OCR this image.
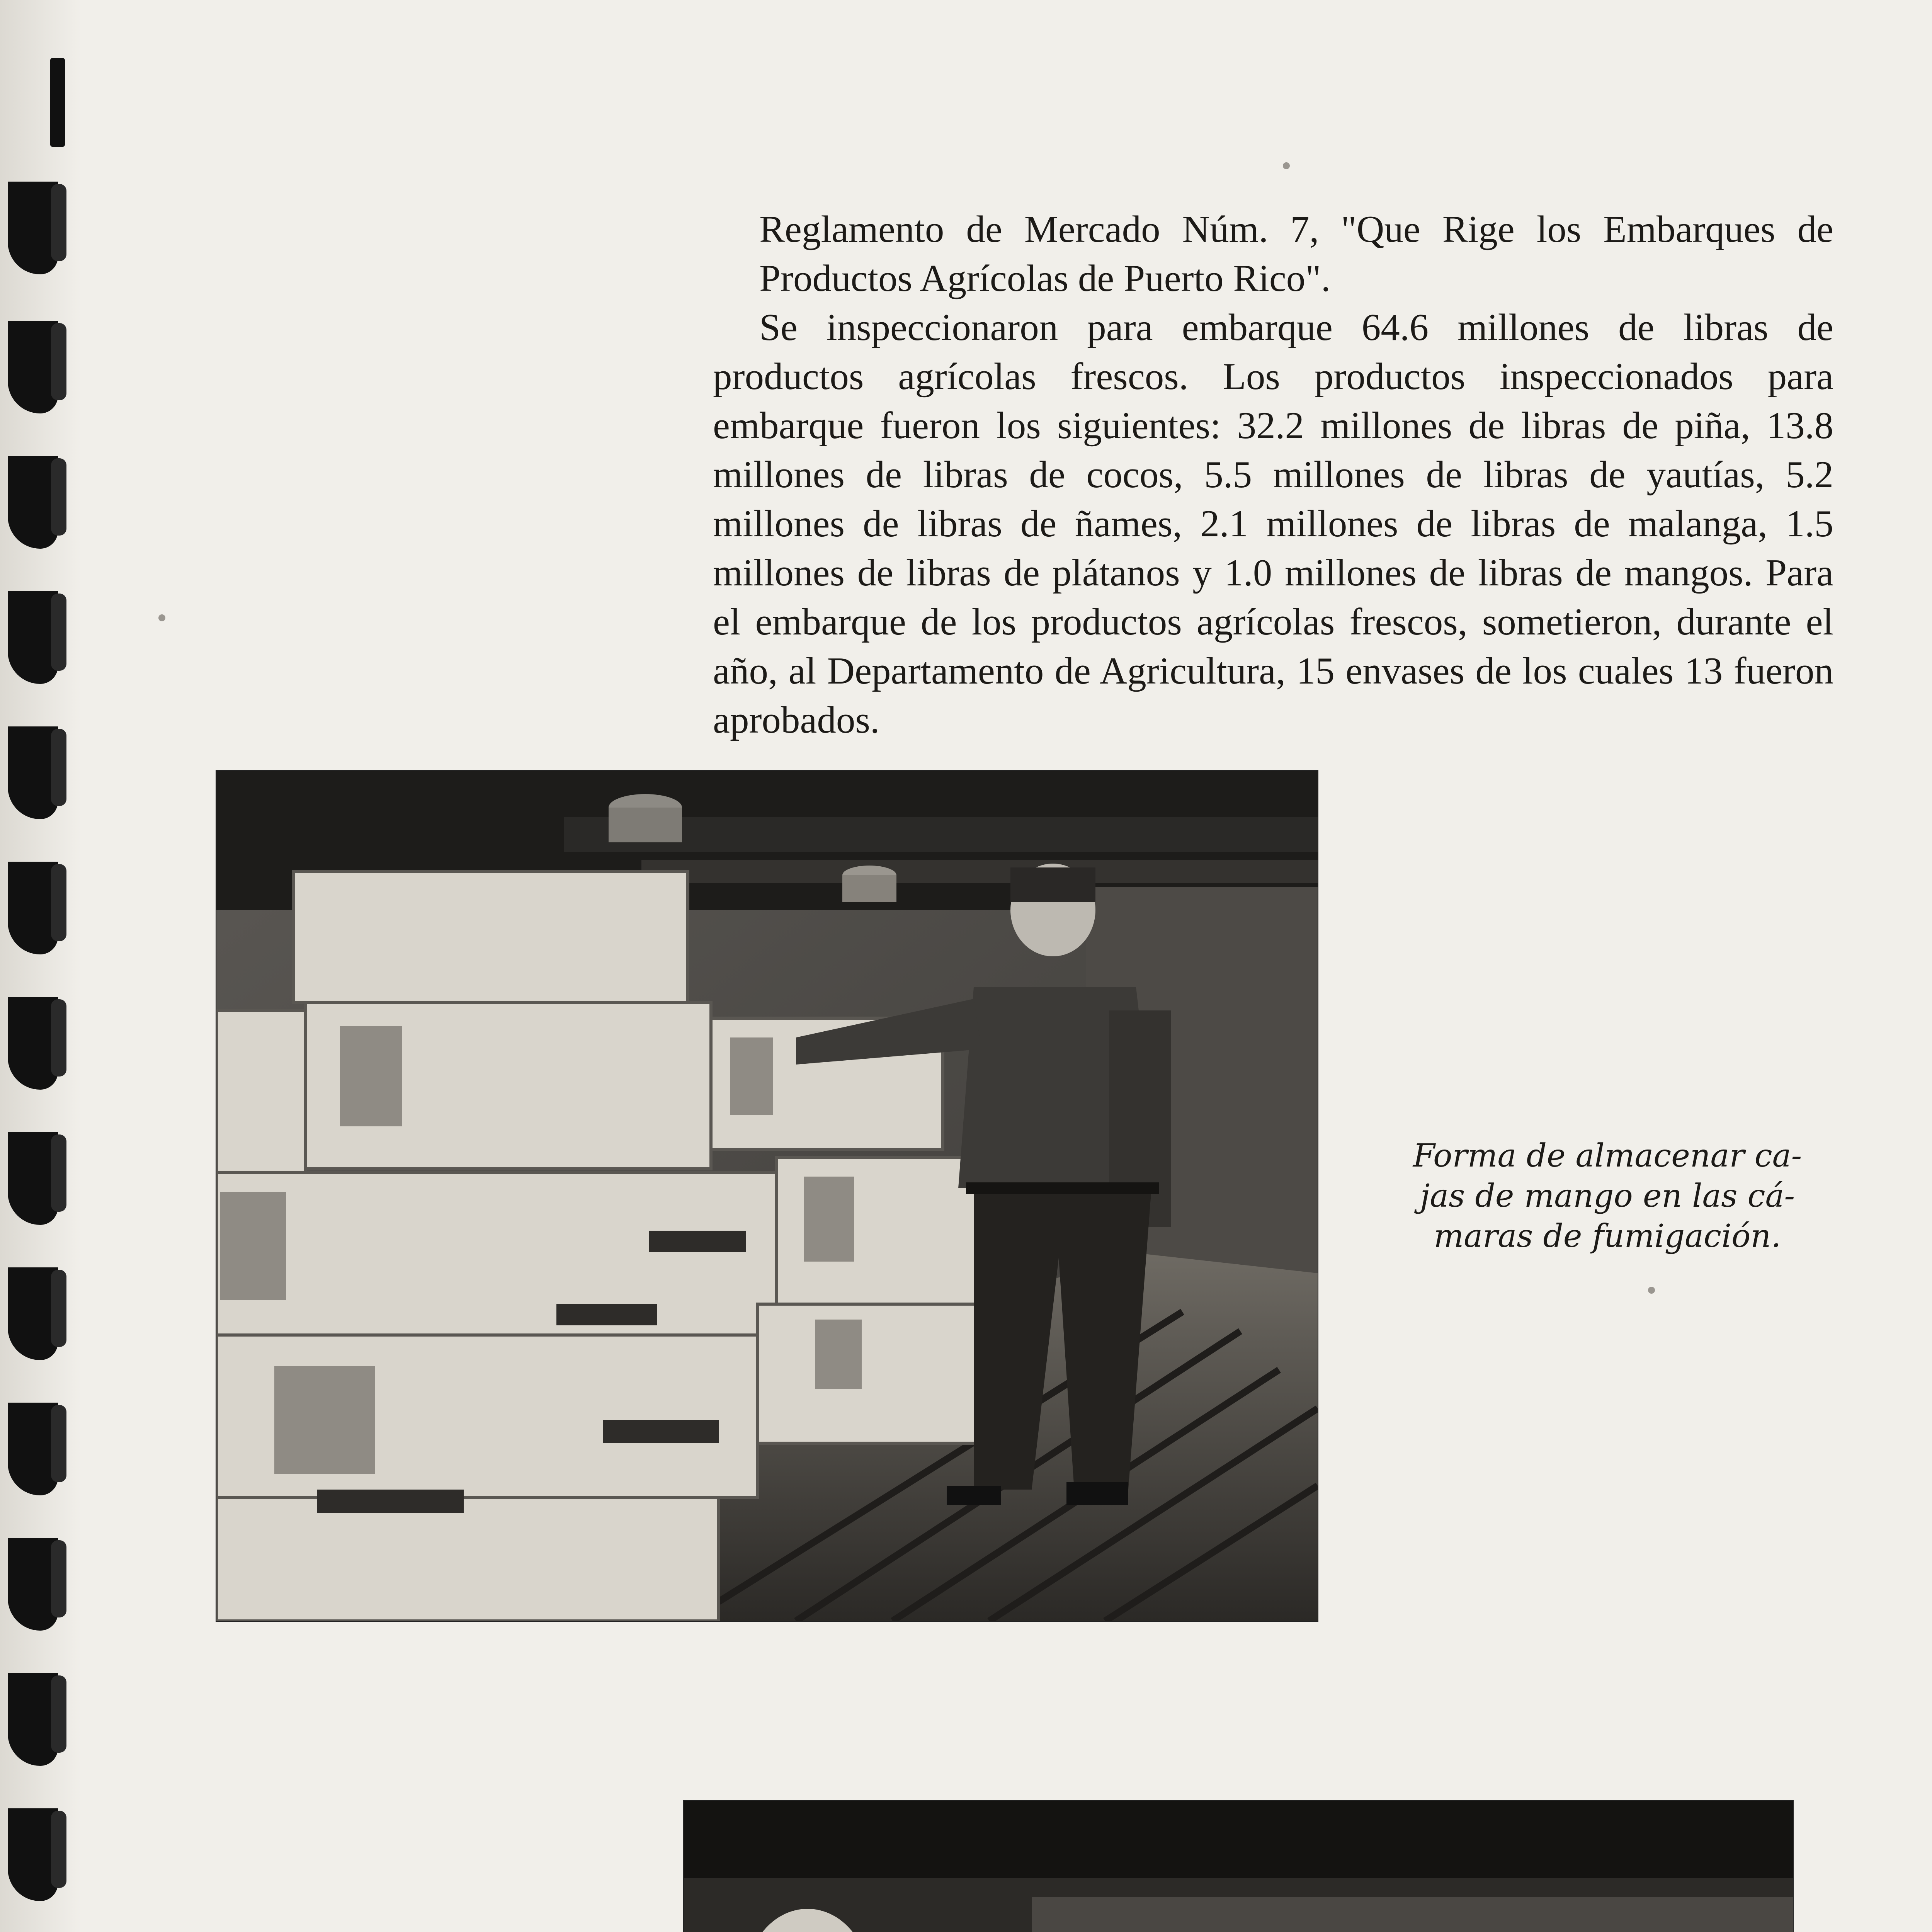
Reglamento de Mercado Núm. 7, "Que Rige los Embarques de Productos Agrícolas de Puerto Rico".

Se inspeccionaron para embarque 64.6 millones de libras de productos agrícolas frescos. Los productos inspeccionados para embarque fueron los siguientes: 32.2 millones de libras de piña, 13.8 millones de libras de cocos, 5.5 millones de libras de yautías, 5.2 millones de libras de ñames, 2.1 millones de libras de malanga, 1.5 millones de libras de plátanos y 1.0 millones de libras de mangos. Para el embarque de los productos agrícolas frescos, sometieron, durante el año, al Departamento de Agricultura, 15 envases de los cuales 13 fueron aprobados.

Forma de almacenar ca-
jas de mango en las cá-
maras de fumigación.
